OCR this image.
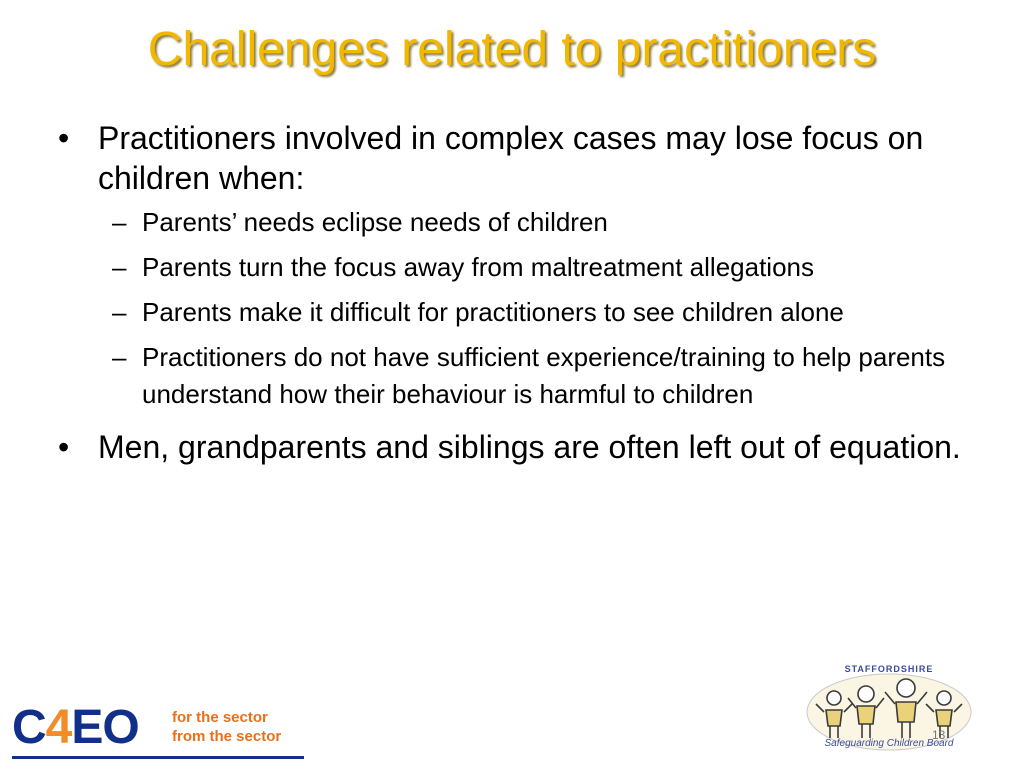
Challenges related to practitioners
• Practitioners involved in complex cases may lose focus on children when:
– Parents’ needs eclipse needs of children
– Parents turn the focus away from maltreatment allegations
– Parents make it difficult for practitioners to see children alone
– Practitioners do not have sufficient experience/training to help parents understand how their behaviour is harmful to children
• Men, grandparents and siblings are often left out of equation.
C4EO for the sector
from the sector
STAFFORDSHIRE
Safeguarding Children Board
13
